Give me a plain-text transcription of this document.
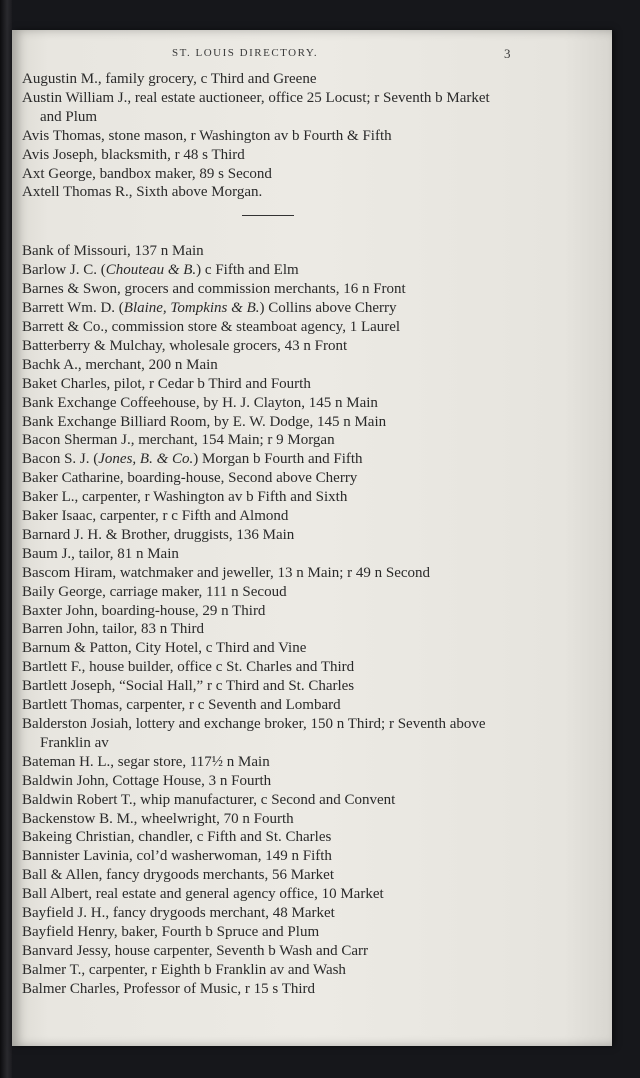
ST. LOUIS DIRECTORY.	3
Augustin M., family grocery, c Third and Greene
Austin William J., real estate auctioneer, office 25 Locust; r Seventh b Market and Plum
Avis Thomas, stone mason, r Washington av b Fourth & Fifth
Avis Joseph, blacksmith, r 48 s Third
Axt George, bandbox maker, 89 s Second
Axtell Thomas R., Sixth above Morgan.
Bank of Missouri, 137 n Main
Barlow J. C. (Chouteau & B.) c Fifth and Elm
Barnes & Swon, grocers and commission merchants, 16 n Front
Barrett Wm. D. (Blaine, Tompkins & B.) Collins above Cherry
Barrett & Co., commission store & steamboat agency, 1 Laurel
Batterberry & Mulchay, wholesale grocers, 43 n Front
Bachk A., merchant, 200 n Main
Baket Charles, pilot, r Cedar b Third and Fourth
Bank Exchange Coffeehouse, by H. J. Clayton, 145 n Main
Bank Exchange Billiard Room, by E. W. Dodge, 145 n Main
Bacon Sherman J., merchant, 154 Main; r 9 Morgan
Bacon S. J. (Jones, B. & Co.) Morgan b Fourth and Fifth
Baker Catharine, boarding-house, Second above Cherry
Baker L., carpenter, r Washington av b Fifth and Sixth
Baker Isaac, carpenter, r c Fifth and Almond
Barnard J. H. & Brother, druggists, 136 Main
Baum J., tailor, 81 n Main
Bascom Hiram, watchmaker and jeweller, 13 n Main; r 49 n Second
Baily George, carriage maker, 111 n Secoud
Baxter John, boarding-house, 29 n Third
Barren John, tailor, 83 n Third
Barnum & Patton, City Hotel, c Third and Vine
Bartlett F., house builder, office c St. Charles and Third
Bartlett Joseph, “Social Hall,” r c Third and St. Charles
Bartlett Thomas, carpenter, r c Seventh and Lombard
Balderston Josiah, lottery and exchange broker, 150 n Third; r Seventh above Franklin av
Bateman H. L., segar store, 117½ n Main
Baldwin John, Cottage House, 3 n Fourth
Baldwin Robert T., whip manufacturer, c Second and Convent
Backenstow B. M., wheelwright, 70 n Fourth
Bakeing Christian, chandler, c Fifth and St. Charles
Bannister Lavinia, col’d washerwoman, 149 n Fifth
Ball & Allen, fancy drygoods merchants, 56 Market
Ball Albert, real estate and general agency office, 10 Market
Bayfield J. H., fancy drygoods merchant, 48 Market
Bayfield Henry, baker, Fourth b Spruce and Plum
Banvard Jessy, house carpenter, Seventh b Wash and Carr
Balmer T., carpenter, r Eighth b Franklin av and Wash
Balmer Charles, Professor of Music, r 15 s Third
